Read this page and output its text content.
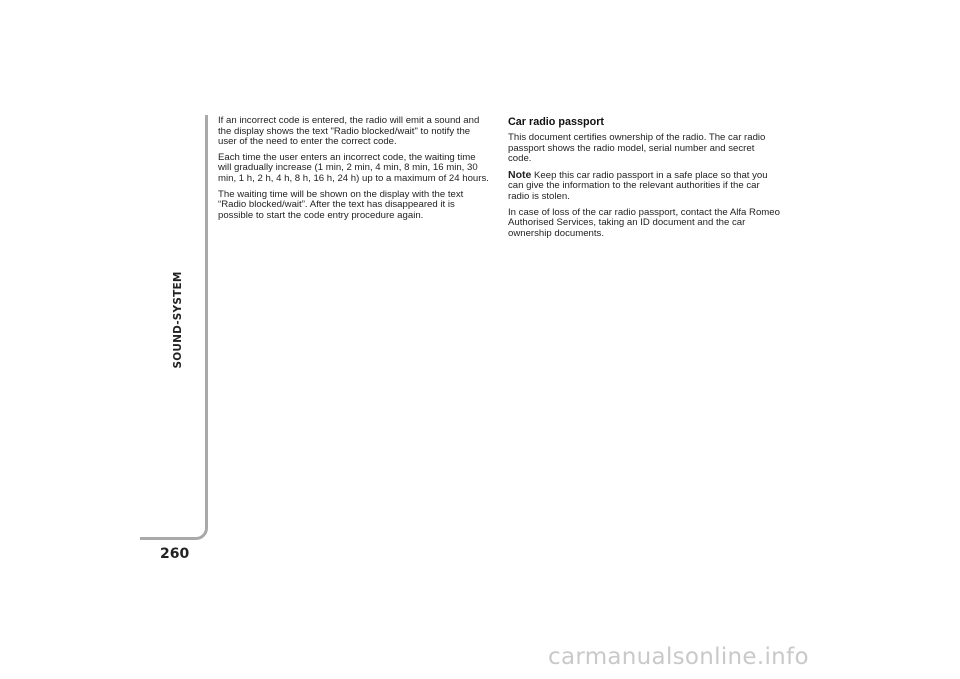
SOUND-SYSTEM
260

If an incorrect code is entered, the radio will emit a sound and the display shows the text "Radio blocked/wait" to notify the user of the need to enter the correct code.

Each time the user enters an incorrect code, the waiting time will gradually increase (1 min, 2 min, 4 min, 8 min, 16 min, 30 min, 1 h, 2 h, 4 h, 8 h, 16 h, 24 h) up to a maximum of 24 hours.

The waiting time will be shown on the display with the text “Radio blocked/wait”. After the text has disappeared it is possible to start the code entry procedure again.

Car radio passport

This document certifies ownership of the radio. The car radio passport shows the radio model, serial number and secret code.

Note Keep this car radio passport in a safe place so that you can give the information to the relevant authorities if the car radio is stolen.

In case of loss of the car radio passport, contact the Alfa Romeo Authorised Services, taking an ID document and the car ownership documents.

carmanualsonline.info
